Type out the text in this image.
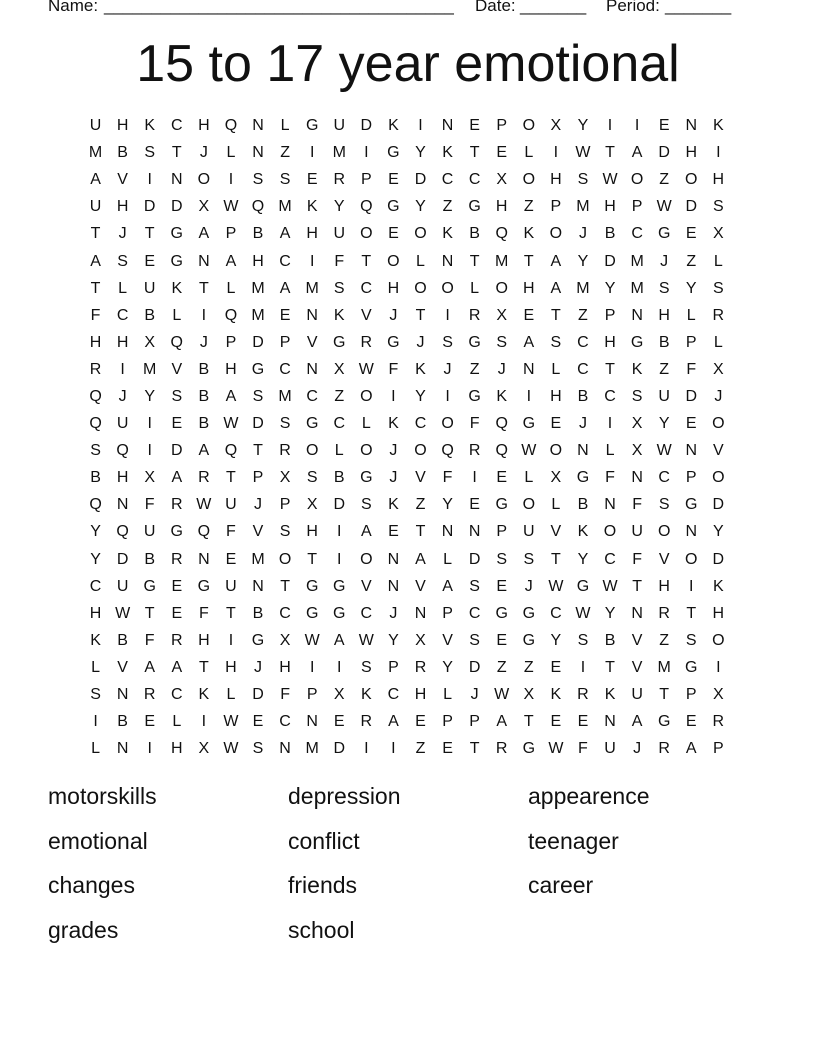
Name:

_____________________________________

Date:

_______

Period:

_______

15 to 17 year emotional
U H K C H Q N	L	G U D K	I	N E	P O X	Y	I	I	E N K
M B	S	T	J	L	N	Z	I	M	I	G Y	K	T	E	L	I	W T	A D H	I
A	V	I	N O	I	S	S	E R P	E D C C X O H S W O Z O H
U H D D X W Q M K	Y Q G Y	Z G H	Z	P M H P W D S
T	J	T G A	P	B	A H U O E O K	B Q K O	J	B C G E	X
A	S	E G N A H C	I	F	T O	L	N	T M T	A	Y D M	J	Z	L
T	L	U K	T	L M A M S C H O O	L	O H A M Y M S	Y	S
F	C B	L	I	Q M E N K	V	J	T	I	R X	E	T	Z	P N H	L	R
H H X Q	J	P D P	V G R G	J	S G S	A	S C H G B	P	L
R	I	M V	B H G C N X W F	K	J	Z	J	N	L	C	T	K	Z	F	X
Q	J	Y	S	B	A	S M C	Z O	I	Y	I	G K	I	H B C S U D	J
Q U	I	E	B W D S G C	L	K C O F Q G E	J	I	X	Y	E O
S Q	I	D A Q T	R O	L	O	J	O Q R Q W O N	L	X W N V
B H X	A R	T	P	X	S	B G	J	V	F	I	E	L	X G F	N C P O
Q N	F	R W U	J	P	X D S	K	Z	Y	E G O	L	B N	F	S G D
Y Q U G Q F	V	S H	I	A	E	T	N N P U V	K O U O N Y
Y D B R N E M O T	I	O N A	L	D S	S	T	Y C	F	V O D
C U G E G U N	T G G V N V	A	S	E	J W G W T	H	I	K
H W T	E	F	T	B C G G C	J	N P C G G C W Y N R	T	H
K	B	F	R H	I	G X W A W Y	X	V	S	E G Y	S	B	V	Z	S O
L	V	A	A	T	H	J	H	I	I	S	P R Y D	Z	Z	E	I	T	V M G	I
S N R C K	L	D	F	P	X	K C H	L	J W X	K R K U	T	P	X
I	B	E	L	I	W E C N E R A	E	P	P	A	T	E	E N A G E R
L	N	I	H X W S N M D	I	I	Z	E	T	R G W F	U	J	R A	P
motorskills	depression	appearence
emotional	conflict	teenager
changes	friends	career
grades	school
